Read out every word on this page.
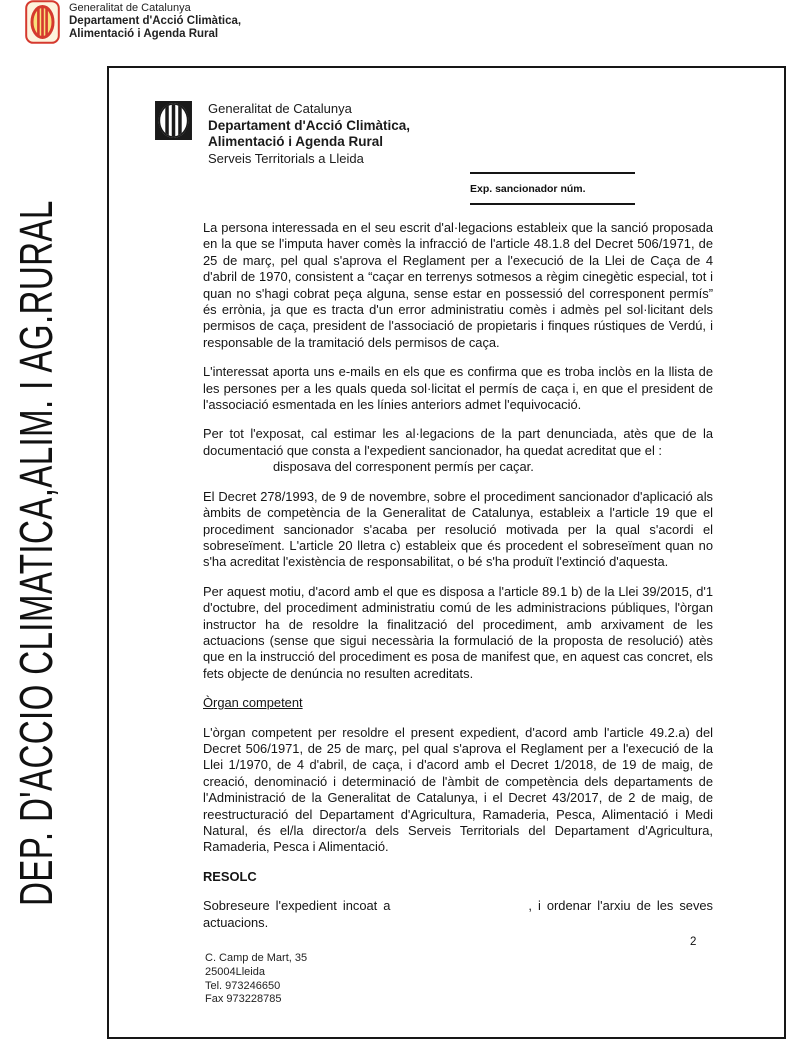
Generalitat de Catalunya
Departament d'Acció Climàtica,
Alimentació i Agenda Rural
DEP. D'ACCIO CLIMATICA,ALIM. I AG.RURAL
Generalitat de Catalunya
Departament d'Acció Climàtica,
Alimentació i Agenda Rural
Serveis Territorials a Lleida
Exp. sancionador núm.

La persona interessada en el seu escrit d'al·legacions estableix que la sanció proposada en la que se l'imputa haver comès la infracció de l'article 48.1.8 del Decret 506/1971, de 25 de març, pel qual s'aprova el Reglament per a l'execució de la Llei de Caça de 4 d'abril de 1970, consistent a “caçar en terrenys sotmesos a règim cinegètic especial, tot i quan no s'hagi cobrat peça alguna, sense estar en possessió del corresponent permís” és errònia, ja que es tracta d'un error administratiu comès i admès pel sol·licitant dels permisos de caça, president de l'associació de propietaris i finques rústiques de Verdú, i responsable de la tramitació dels permisos de caça.

L'interessat aporta uns e-mails en els que es confirma que es troba inclòs en la llista de les persones per a les quals queda sol·licitat el permís de caça i, en que el president de l'associació esmentada en les línies anteriors admet l'equivocació.

Per tot l'exposat, cal estimar les al·legacions de la part denunciada, atès que de la documentació que consta a l'expedient sancionador, ha quedat acreditat que el :
disposava del corresponent permís per caçar.

El Decret 278/1993, de 9 de novembre, sobre el procediment sancionador d'aplicació als àmbits de competència de la Generalitat de Catalunya, estableix a l'article 19 que el procediment sancionador s'acaba per resolució motivada per la qual s'acordi el sobreseïment. L'article 20 lletra c) estableix que és procedent el sobreseïment quan no s'ha acreditat l'existència de responsabilitat, o bé s'ha produït l'extinció d'aquesta.

Per aquest motiu, d'acord amb el que es disposa a l'article 89.1 b) de la Llei 39/2015, d'1 d'octubre, del procediment administratiu comú de les administracions públiques, l'òrgan instructor ha de resoldre la finalització del procediment, amb arxivament de les actuacions (sense que sigui necessària la formulació de la proposta de resolució) atès que en la instrucció del procediment es posa de manifest que, en aquest cas concret, els fets objecte de denúncia no resulten acreditats.

Òrgan competent

L'òrgan competent per resoldre el present expedient, d'acord amb l'article 49.2.a) del Decret 506/1971, de 25 de març, pel qual s'aprova el Reglament per a l'execució de la Llei 1/1970, de 4 d'abril, de caça, i d'acord amb el Decret 1/2018, de 19 de maig, de creació, denominació i determinació de l'àmbit de competència dels departaments de l'Administració de la Generalitat de Catalunya, i el Decret 43/2017, de 2 de maig, de reestructuració del Departament d'Agricultura, Ramaderia, Pesca, Alimentació i Medi Natural, és el/la director/a dels Serveis Territorials del Departament d'Agricultura, Ramaderia, Pesca i Alimentació.

RESOLC

Sobreseure l'expedient incoat a	, i ordenar l'arxiu de les seves actuacions.

C. Camp de Mart, 35
25004Lleida
Tel. 973246650
Fax 973228785
2
